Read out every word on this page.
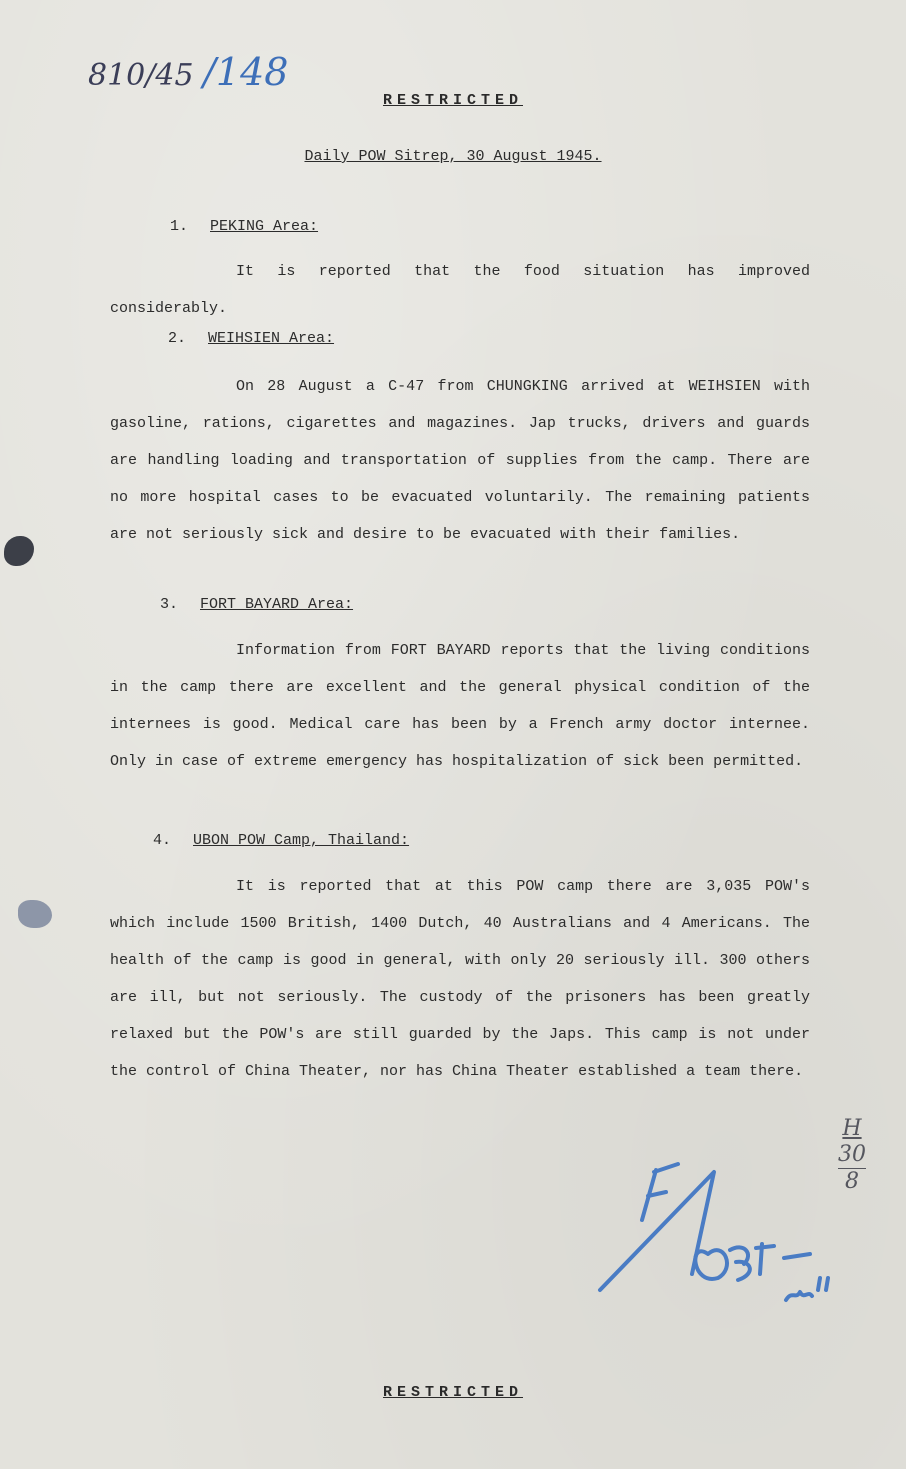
810/45 /148
RESTRICTED
Daily POW Sitrep, 30 August 1945.
1. PEKING Area:

It is reported that the food situation has improved considerably.

2. WEIHSIEN Area:

On 28 August a C-47 from CHUNGKING arrived at WEIHSIEN with gasoline, rations, cigarettes and magazines. Jap trucks, drivers and guards are handling loading and transportation of supplies from the camp. There are no more hospital cases to be evacuated voluntarily. The remaining patients are not seriously sick and desire to be evacuated with their families.

3. FORT BAYARD Area:

Information from FORT BAYARD reports that the living conditions in the camp there are excellent and the general physical condition of the internees is good. Medical care has been by a French army doctor internee. Only in case of extreme emergency has hospitalization of sick been permitted.

4. UBON POW Camp, Thailand:

It is reported that at this POW camp there are 3,035 POW's which include 1500 British, 1400 Dutch, 40 Australians and 4 Americans. The health of the camp is good in general, with only 20 seriously ill. 300 others are ill, but not seriously. The custody of the prisoners has been greatly relaxed but the POW's are still guarded by the Japs. This camp is not under the control of China Theater, nor has China Theater established a team there.

H
30
8
RESTRICTED
